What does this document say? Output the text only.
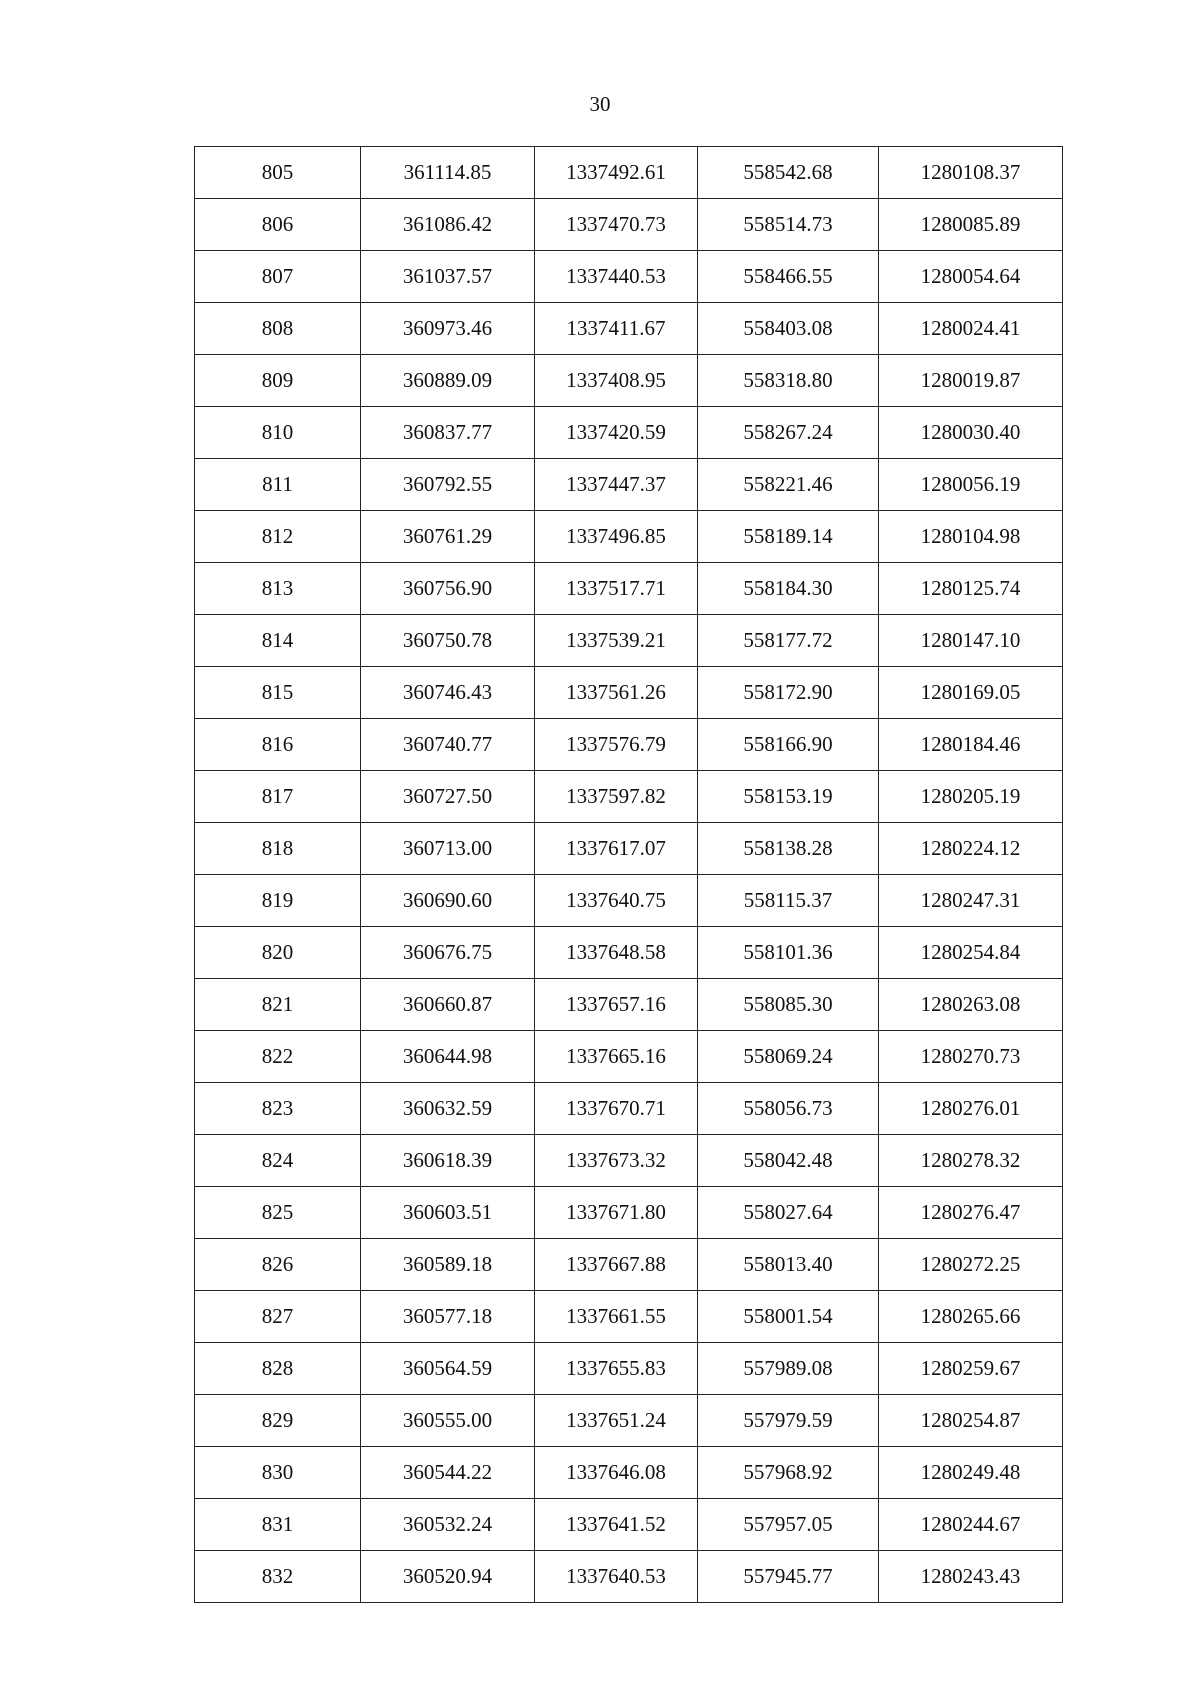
30
805	361114.85	1337492.61	558542.68	1280108.37
806	361086.42	1337470.73	558514.73	1280085.89
807	361037.57	1337440.53	558466.55	1280054.64
808	360973.46	1337411.67	558403.08	1280024.41
809	360889.09	1337408.95	558318.80	1280019.87
810	360837.77	1337420.59	558267.24	1280030.40
811	360792.55	1337447.37	558221.46	1280056.19
812	360761.29	1337496.85	558189.14	1280104.98
813	360756.90	1337517.71	558184.30	1280125.74
814	360750.78	1337539.21	558177.72	1280147.10
815	360746.43	1337561.26	558172.90	1280169.05
816	360740.77	1337576.79	558166.90	1280184.46
817	360727.50	1337597.82	558153.19	1280205.19
818	360713.00	1337617.07	558138.28	1280224.12
819	360690.60	1337640.75	558115.37	1280247.31
820	360676.75	1337648.58	558101.36	1280254.84
821	360660.87	1337657.16	558085.30	1280263.08
822	360644.98	1337665.16	558069.24	1280270.73
823	360632.59	1337670.71	558056.73	1280276.01
824	360618.39	1337673.32	558042.48	1280278.32
825	360603.51	1337671.80	558027.64	1280276.47
826	360589.18	1337667.88	558013.40	1280272.25
827	360577.18	1337661.55	558001.54	1280265.66
828	360564.59	1337655.83	557989.08	1280259.67
829	360555.00	1337651.24	557979.59	1280254.87
830	360544.22	1337646.08	557968.92	1280249.48
831	360532.24	1337641.52	557957.05	1280244.67
832	360520.94	1337640.53	557945.77	1280243.43
